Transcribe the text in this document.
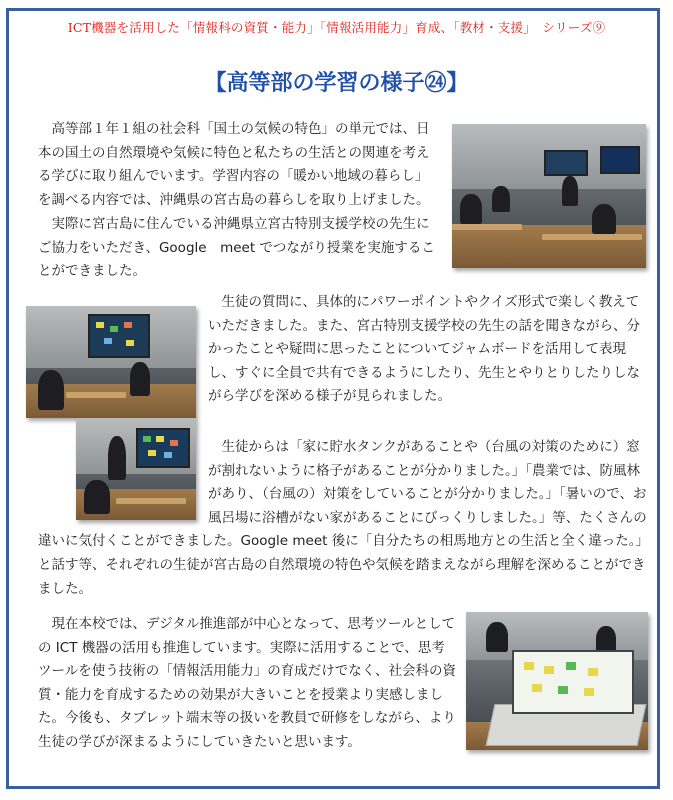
ICT機器を活用した「情報科の資質・能力」「情報活用能力」育成、「教材・支援」　シリーズ⑨
【高等部の学習の様子㉔】

高等部１年１組の社会科「国土の気候の特色」の単元では、日本の国土の自然環境や気候に特色と私たちの生活との関連を考える学びに取り組んでいます。学習内容の「暖かい地域の暮らし」を調べる内容では、沖縄県の宮古島の暮らしを取り上げました。

実際に宮古島に住んでいる沖縄県立宮古特別支援学校の先生にご協力をいただき、Google　meet でつながり授業を実施することができました。

生徒の質問に、具体的にパワーポイントやクイズ形式で楽しく教えていただきました。また、宮古特別支援学校の先生の話を聞きながら、分かったことや疑問に思ったことについてジャムボードを活用して表現し、すぐに全員で共有できるようにしたり、先生とやりとりしたりしながら学びを深める様子が見られました。

　生徒からは「家に貯水タンクがあることや（台風の対策のために）窓が割れないように格子があることが分かりました。」「農業では、防風林があり、（台風の）対策をしていることが分かりました。」「暑いので、お風呂場に浴槽がない家があることにびっくりしました。」等、たくさんの違いに気付くことができました。Google meet 後に「自分たちの相馬地方との生活と全く違った。」と話す等、それぞれの生徒が宮古島の自然環境の特色や気候を踏まえながら理解を深めることができました。

現在本校では、デジタル推進部が中心となって、思考ツールとしての ICT 機器の活用も推進しています。実際に活用することで、思考ツールを使う技術の「情報活用能力」の育成だけでなく、社会科の資質・能力を育成するための効果が大きいことを授業より実感しました。今後も、タブレット端末等の扱いを教員で研修をしながら、より生徒の学びが深まるようにしていきたいと思います。
